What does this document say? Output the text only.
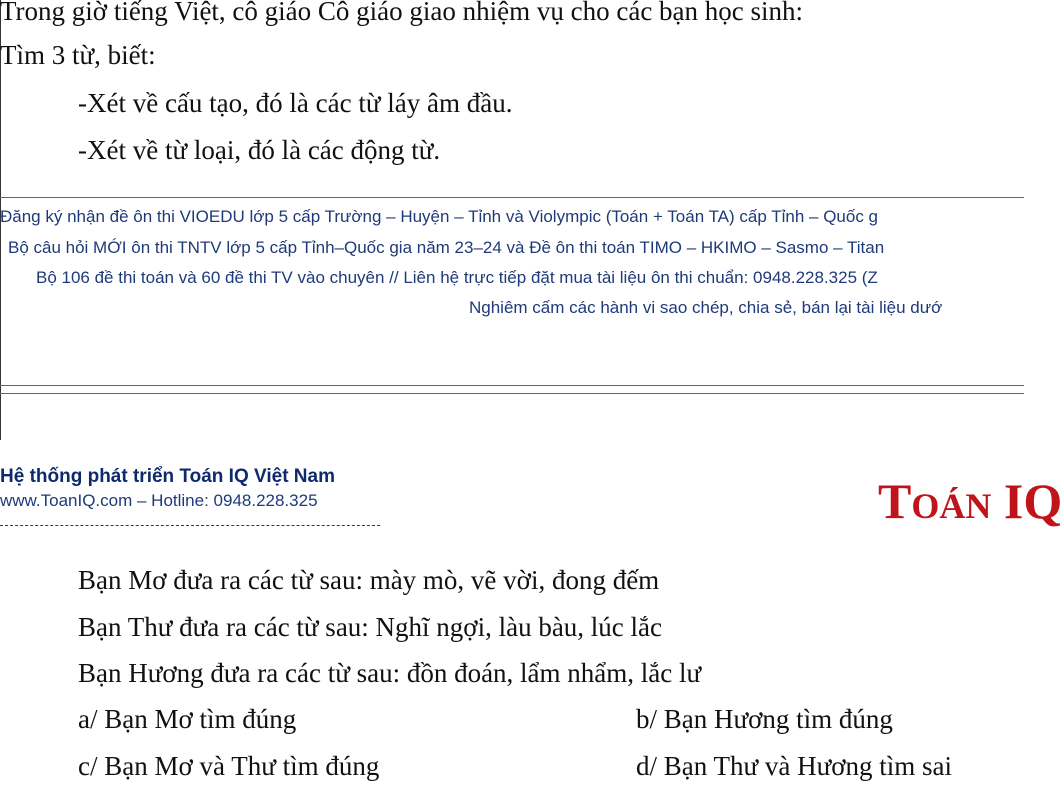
Trong giờ tiếng Việt, cô giáo Cô giáo giao nhiệm vụ cho các bạn học sinh:
Tìm 3 từ, biết:
-Xét về cấu tạo, đó là các từ láy âm đầu.
-Xét về từ loại, đó là các động từ.
Đăng ký nhận đề ôn thi VIOEDU lớp 5 cấp Trường – Huyện – Tỉnh và Violympic (Toán + Toán TA) cấp Tỉnh – Quốc g
Bộ câu hỏi MỚI ôn thi TNTV lớp 5 cấp Tỉnh–Quốc gia năm 23–24 và Đề ôn thi toán TIMO – HKIMO – Sasmo – Titan
Bộ 106 đề thi toán và 60 đề thi TV vào chuyên // Liên hệ trực tiếp đặt mua tài liệu ôn thi chuẩn: 0948.228.325 (Z
Nghiêm cấm các hành vi sao chép, chia sẻ, bán lại tài liệu dướ
Hệ thống phát triển Toán IQ Việt Nam
www.ToanIQ.com – Hotline: 0948.228.325	TOÁN IQ
Bạn Mơ đưa ra các từ sau: mày mò, vẽ vời, đong đếm
Bạn Thư đưa ra các từ sau: Nghĩ ngợi, làu bàu, lúc lắc
Bạn Hương đưa ra các từ sau: đồn đoán, lẩm nhẩm, lắc lư
a/ Bạn Mơ tìm đúng	b/ Bạn Hương tìm đúng
c/ Bạn Mơ và Thư tìm đúng	d/ Bạn Thư và Hương tìm sai
